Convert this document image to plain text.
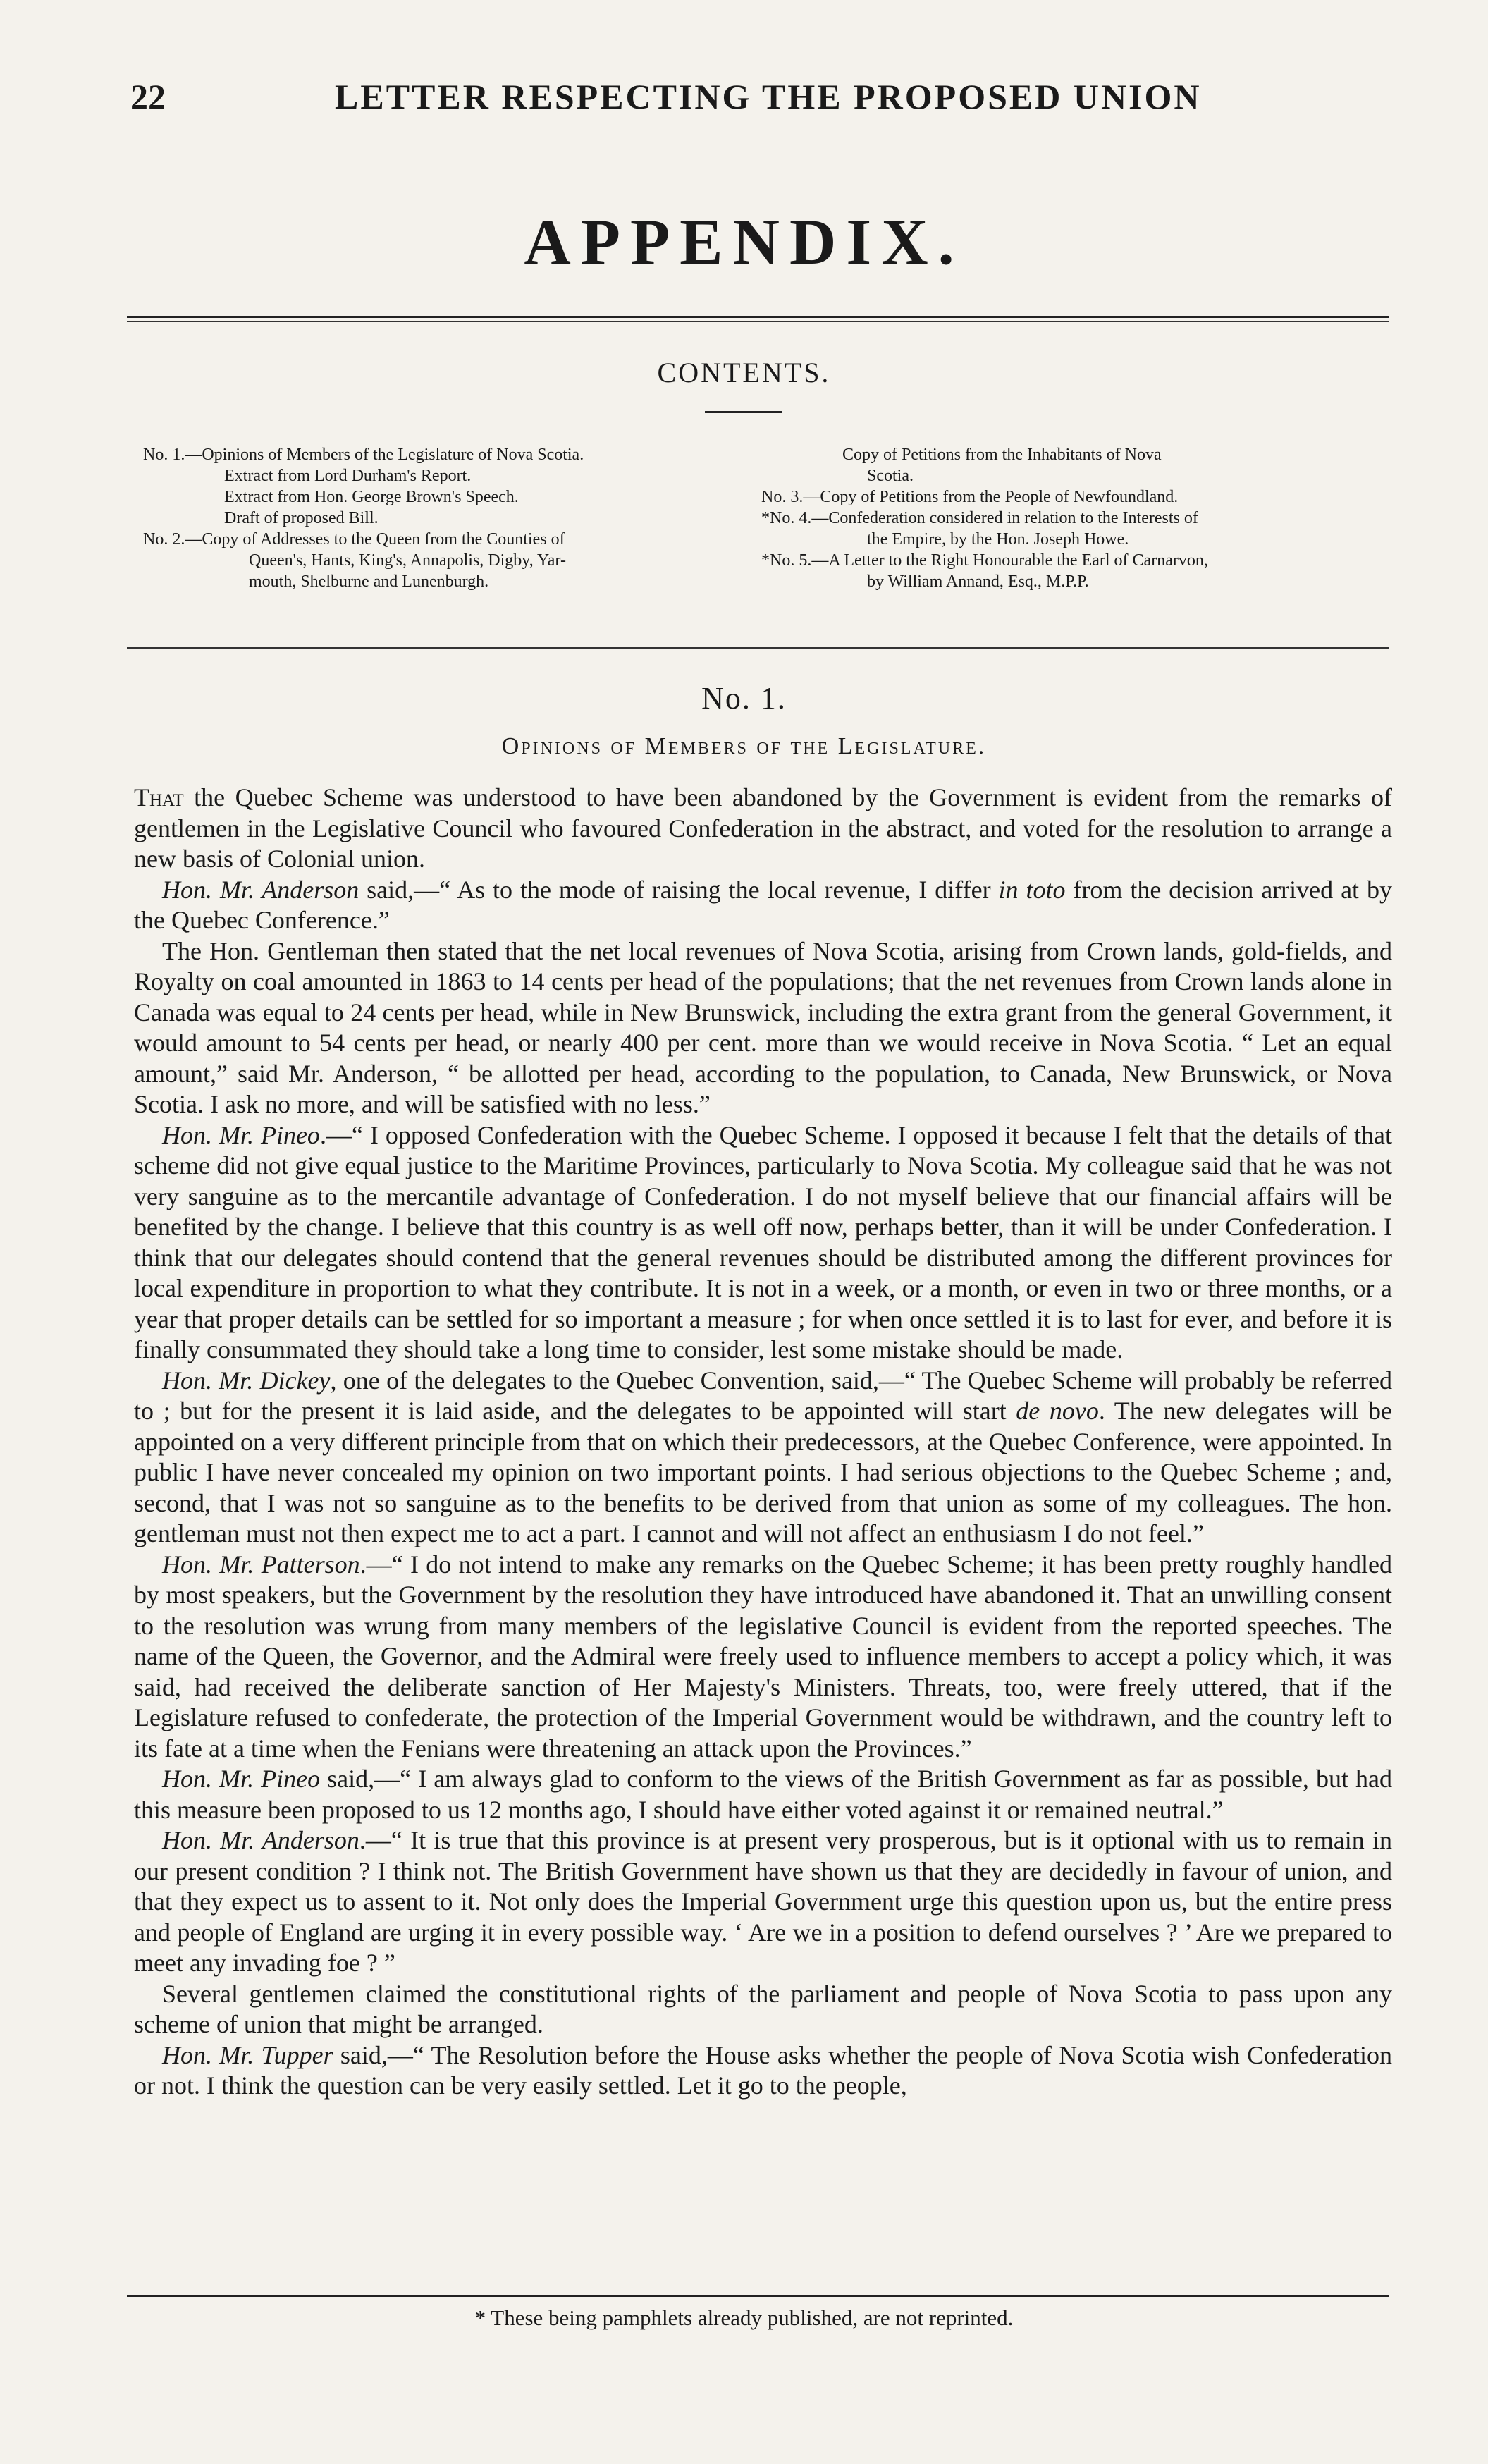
22	LETTER RESPECTING THE PROPOSED UNION
APPENDIX.
CONTENTS.
No. 1.—Opinions of Members of the Legislature of Nova Scotia.
Extract from Lord Durham's Report.
Extract from Hon. George Brown's Speech.
Draft of proposed Bill.
No. 2.—Copy of Addresses to the Queen from the Counties of
Queen's, Hants, King's, Annapolis, Digby, Yar-
mouth, Shelburne and Lunenburgh.
Copy of Petitions from the Inhabitants of Nova
Scotia.
No. 3.—Copy of Petitions from the People of Newfoundland.
*No. 4.—Confederation considered in relation to the Interests of
the Empire, by the Hon. Joseph Howe.
*No. 5.—A Letter to the Right Honourable the Earl of Carnarvon,
by William Annand, Esq., M.P.P.
No. 1.
Opinions of Members of the Legislature.

That the Quebec Scheme was understood to have been abandoned by the Government is evident from the remarks of gentlemen in the Legislative Council who favoured Confederation in the abstract, and voted for the resolution to arrange a new basis of Colonial union.

Hon. Mr. Anderson said,—“ As to the mode of raising the local revenue, I differ in toto from the decision arrived at by the Quebec Conference.”

The Hon. Gentleman then stated that the net local revenues of Nova Scotia, arising from Crown lands, gold-fields, and Royalty on coal amounted in 1863 to 14 cents per head of the populations; that the net revenues from Crown lands alone in Canada was equal to 24 cents per head, while in New Brunswick, including the extra grant from the general Government, it would amount to 54 cents per head, or nearly 400 per cent. more than we would receive in Nova Scotia. “ Let an equal amount,” said Mr. Anderson, “ be allotted per head, according to the population, to Canada, New Brunswick, or Nova Scotia. I ask no more, and will be satisfied with no less.”

Hon. Mr. Pineo.—“ I opposed Confederation with the Quebec Scheme. I opposed it because I felt that the details of that scheme did not give equal justice to the Maritime Provinces, particularly to Nova Scotia. My colleague said that he was not very sanguine as to the mercantile advantage of Confederation. I do not myself believe that our financial affairs will be benefited by the change. I believe that this country is as well off now, perhaps better, than it will be under Confederation. I think that our delegates should contend that the general revenues should be distributed among the different provinces for local expenditure in proportion to what they contribute. It is not in a week, or a month, or even in two or three months, or a year that proper details can be settled for so important a measure ; for when once settled it is to last for ever, and before it is finally consummated they should take a long time to consider, lest some mistake should be made.

Hon. Mr. Dickey, one of the delegates to the Quebec Convention, said,—“ The Quebec Scheme will probably be referred to ; but for the present it is laid aside, and the delegates to be appointed will start de novo. The new delegates will be appointed on a very different principle from that on which their predecessors, at the Quebec Conference, were appointed. In public I have never concealed my opinion on two important points. I had serious objections to the Quebec Scheme ; and, second, that I was not so sanguine as to the benefits to be derived from that union as some of my colleagues. The hon. gentleman must not then expect me to act a part. I cannot and will not affect an enthusiasm I do not feel.”

Hon. Mr. Patterson.—“ I do not intend to make any remarks on the Quebec Scheme; it has been pretty roughly handled by most speakers, but the Government by the resolution they have introduced have abandoned it. That an unwilling consent to the resolution was wrung from many members of the legislative Council is evident from the reported speeches. The name of the Queen, the Governor, and the Admiral were freely used to influence members to accept a policy which, it was said, had received the deliberate sanction of Her Majesty's Ministers. Threats, too, were freely uttered, that if the Legislature refused to confederate, the protection of the Imperial Government would be withdrawn, and the country left to its fate at a time when the Fenians were threatening an attack upon the Provinces.”

Hon. Mr. Pineo said,—“ I am always glad to conform to the views of the British Government as far as possible, but had this measure been proposed to us 12 months ago, I should have either voted against it or remained neutral.”

Hon. Mr. Anderson.—“ It is true that this province is at present very prosperous, but is it optional with us to remain in our present condition ? I think not. The British Government have shown us that they are decidedly in favour of union, and that they expect us to assent to it. Not only does the Imperial Government urge this question upon us, but the entire press and people of England are urging it in every possible way. ‘ Are we in a position to defend ourselves ? ’ Are we prepared to meet any invading foe ? ”

Several gentlemen claimed the constitutional rights of the parliament and people of Nova Scotia to pass upon any scheme of union that might be arranged.

Hon. Mr. Tupper said,—“ The Resolution before the House asks whether the people of Nova Scotia wish Confederation or not. I think the question can be very easily settled. Let it go to the people,

* These being pamphlets already published, are not reprinted.
